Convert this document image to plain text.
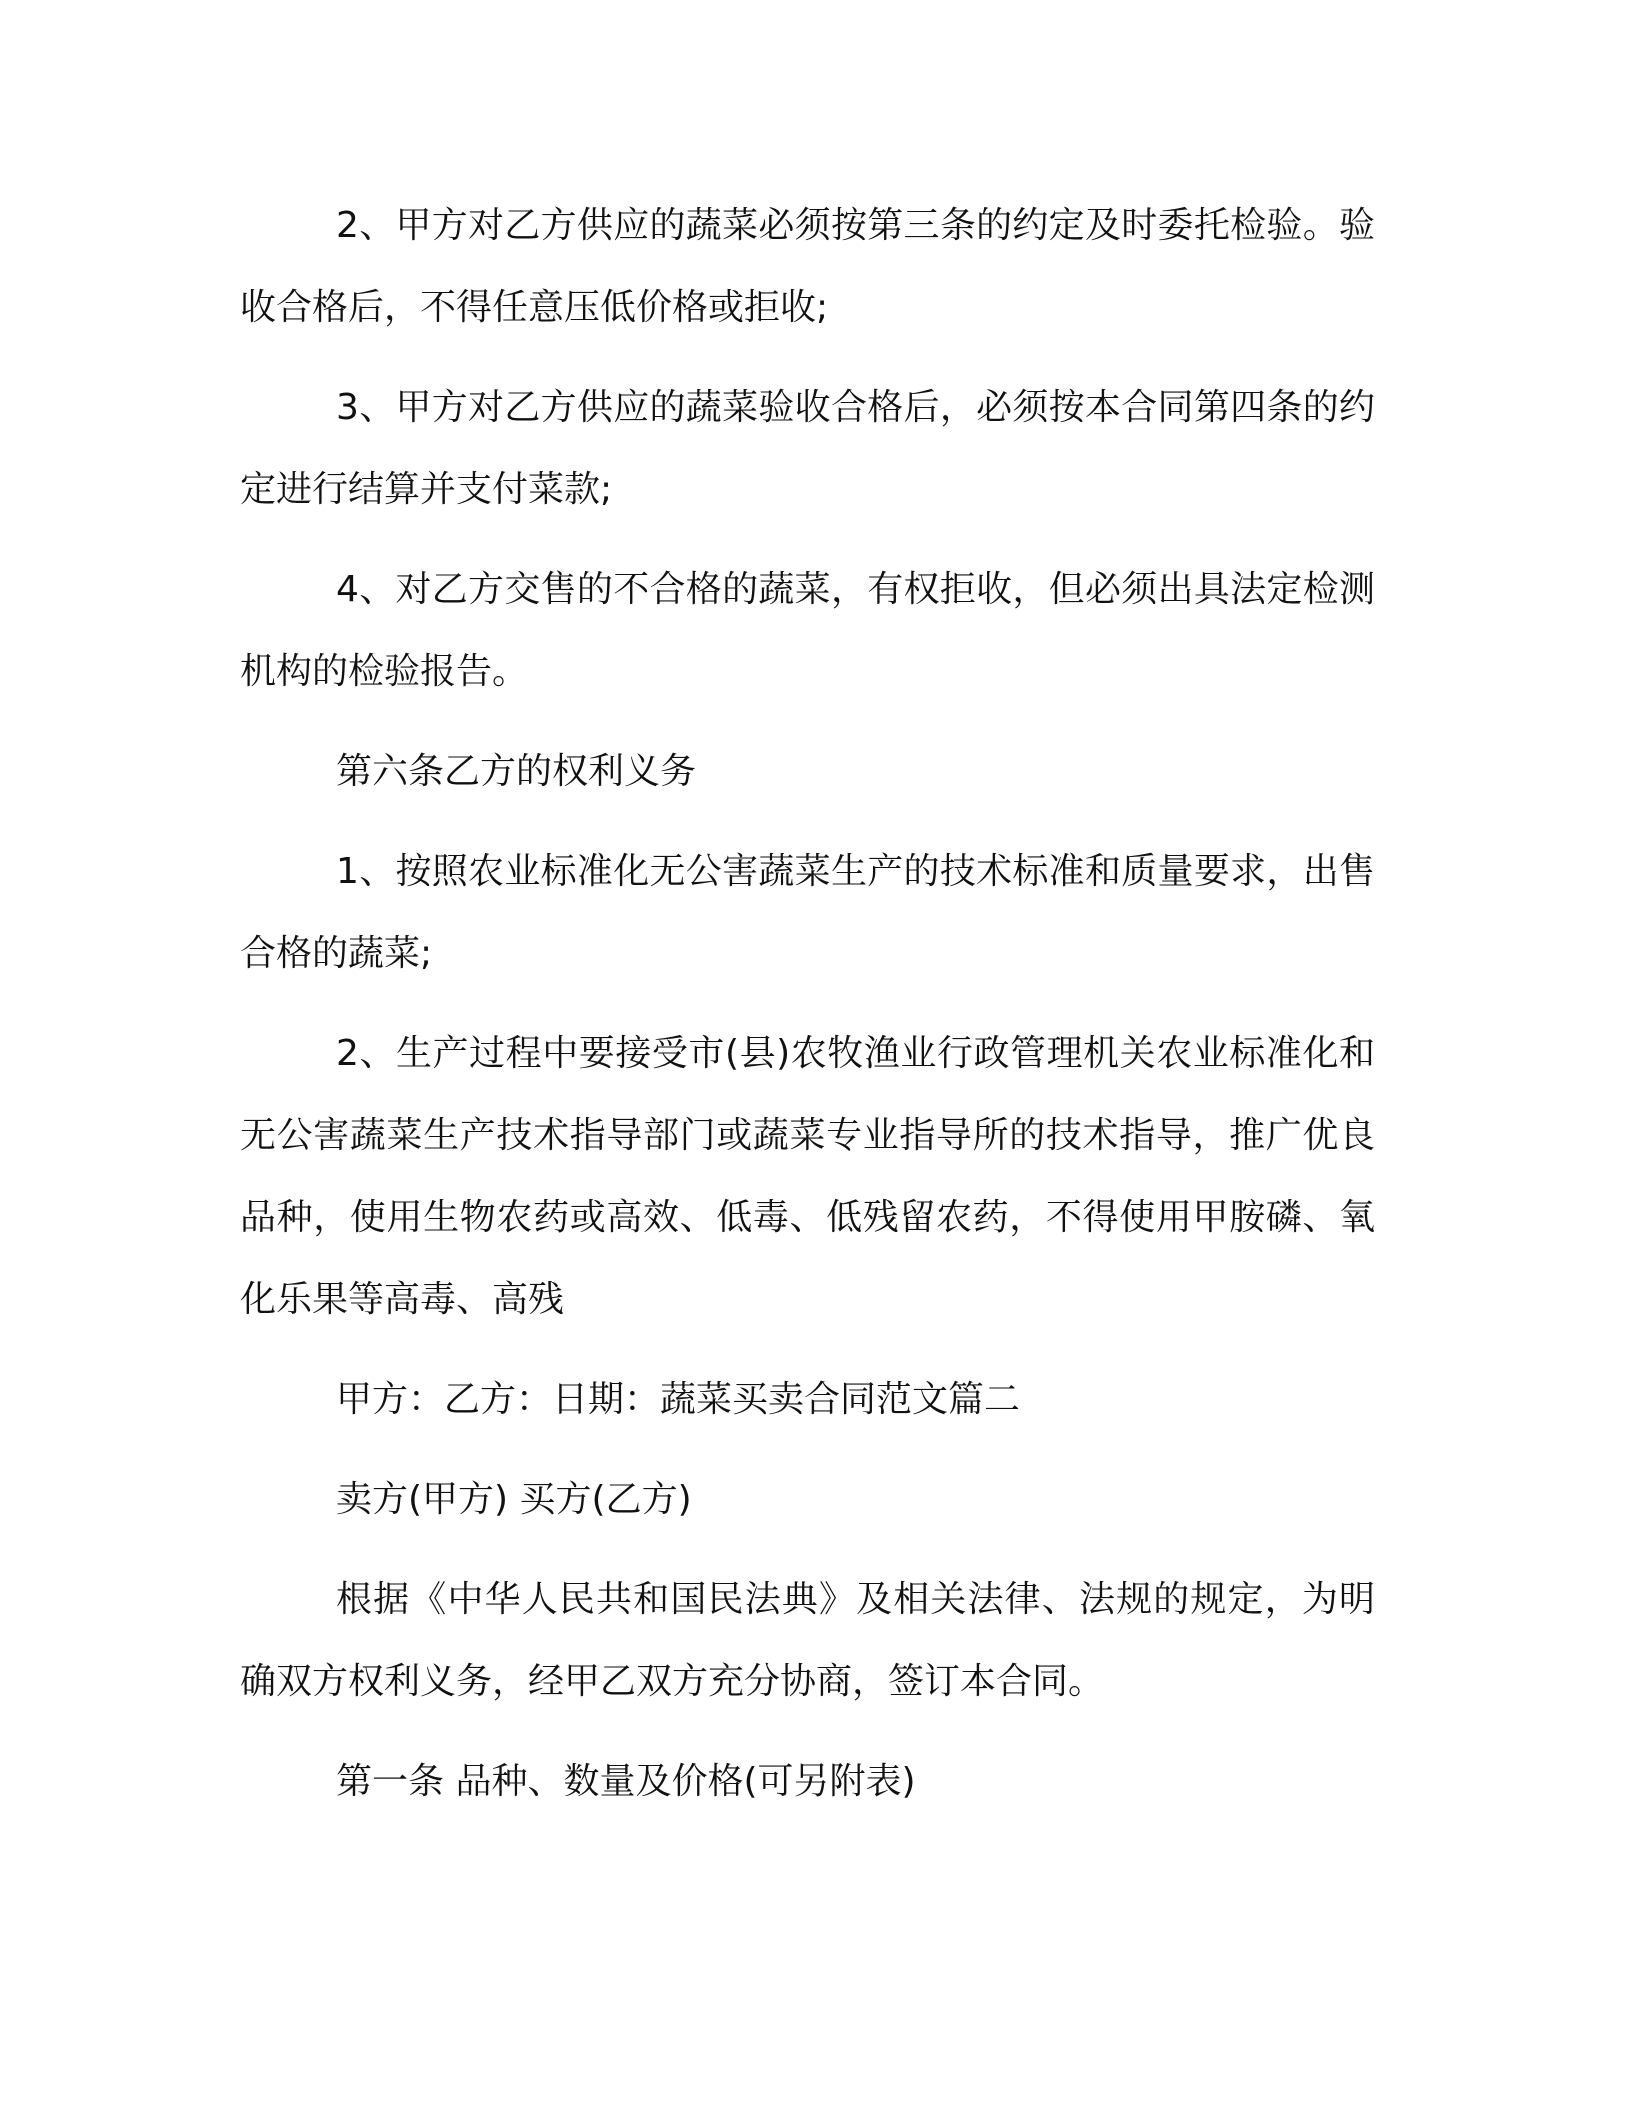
2、甲方对乙方供应的蔬菜必须按第三条的约定及时委托检验。验收合格后，不得任意压低价格或拒收;

3、甲方对乙方供应的蔬菜验收合格后，必须按本合同第四条的约定进行结算并支付菜款;

4、对乙方交售的不合格的蔬菜，有权拒收，但必须出具法定检测机构的检验报告。

第六条乙方的权利义务

1、按照农业标准化无公害蔬菜生产的技术标准和质量要求，出售合格的蔬菜;

2、生产过程中要接受市(县)农牧渔业行政管理机关农业标准化和无公害蔬菜生产技术指导部门或蔬菜专业指导所的技术指导，推广优良品种，使用生物农药或高效、低毒、低残留农药，不得使用甲胺磷、氧化乐果等高毒、高残

甲方：乙方：日期：蔬菜买卖合同范文篇二

卖方(甲方) 买方(乙方)

根据《中华人民共和国民法典》及相关法律、法规的规定，为明确双方权利义务，经甲乙双方充分协商，签订本合同。

第一条 品种、数量及价格(可另附表)
